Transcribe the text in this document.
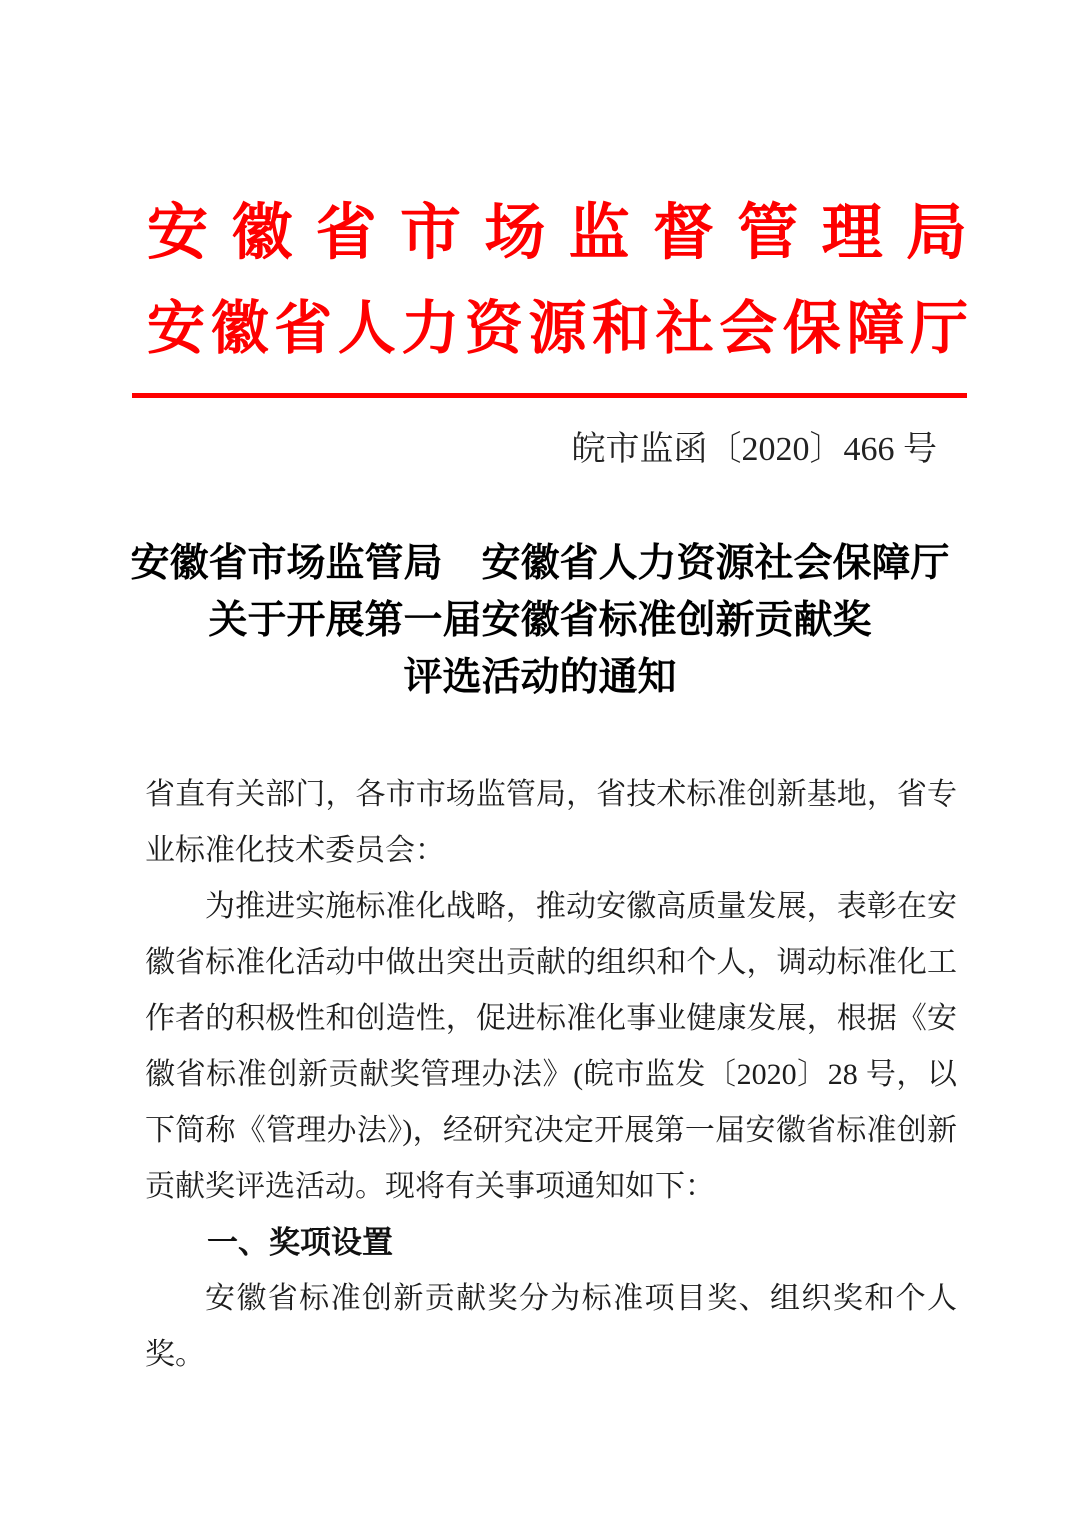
安 徽 省 市 场 监 督 管 理 局
安 徽 省 人 力 资 源 和 社 会 保 障 厅
皖市监函〔2020〕466 号
安徽省市场监管局　安徽省人力资源社会保障厅
关于开展第一届安徽省标准创新贡献奖
评选活动的通知

省直有关部门，各市市场监管局，省技术标准创新基地，省专业标准化技术委员会：

为推进实施标准化战略，推动安徽高质量发展，表彰在安徽省标准化活动中做出突出贡献的组织和个人，调动标准化工作者的积极性和创造性，促进标准化事业健康发展，根据《安徽省标准创新贡献奖管理办法》(皖市监发〔2020〕28 号，以下简称《管理办法》)，经研究决定开展第一届安徽省标准创新贡献奖评选活动。现将有关事项通知如下：

一、奖项设置

安徽省标准创新贡献奖分为标准项目奖、组织奖和个人奖。
